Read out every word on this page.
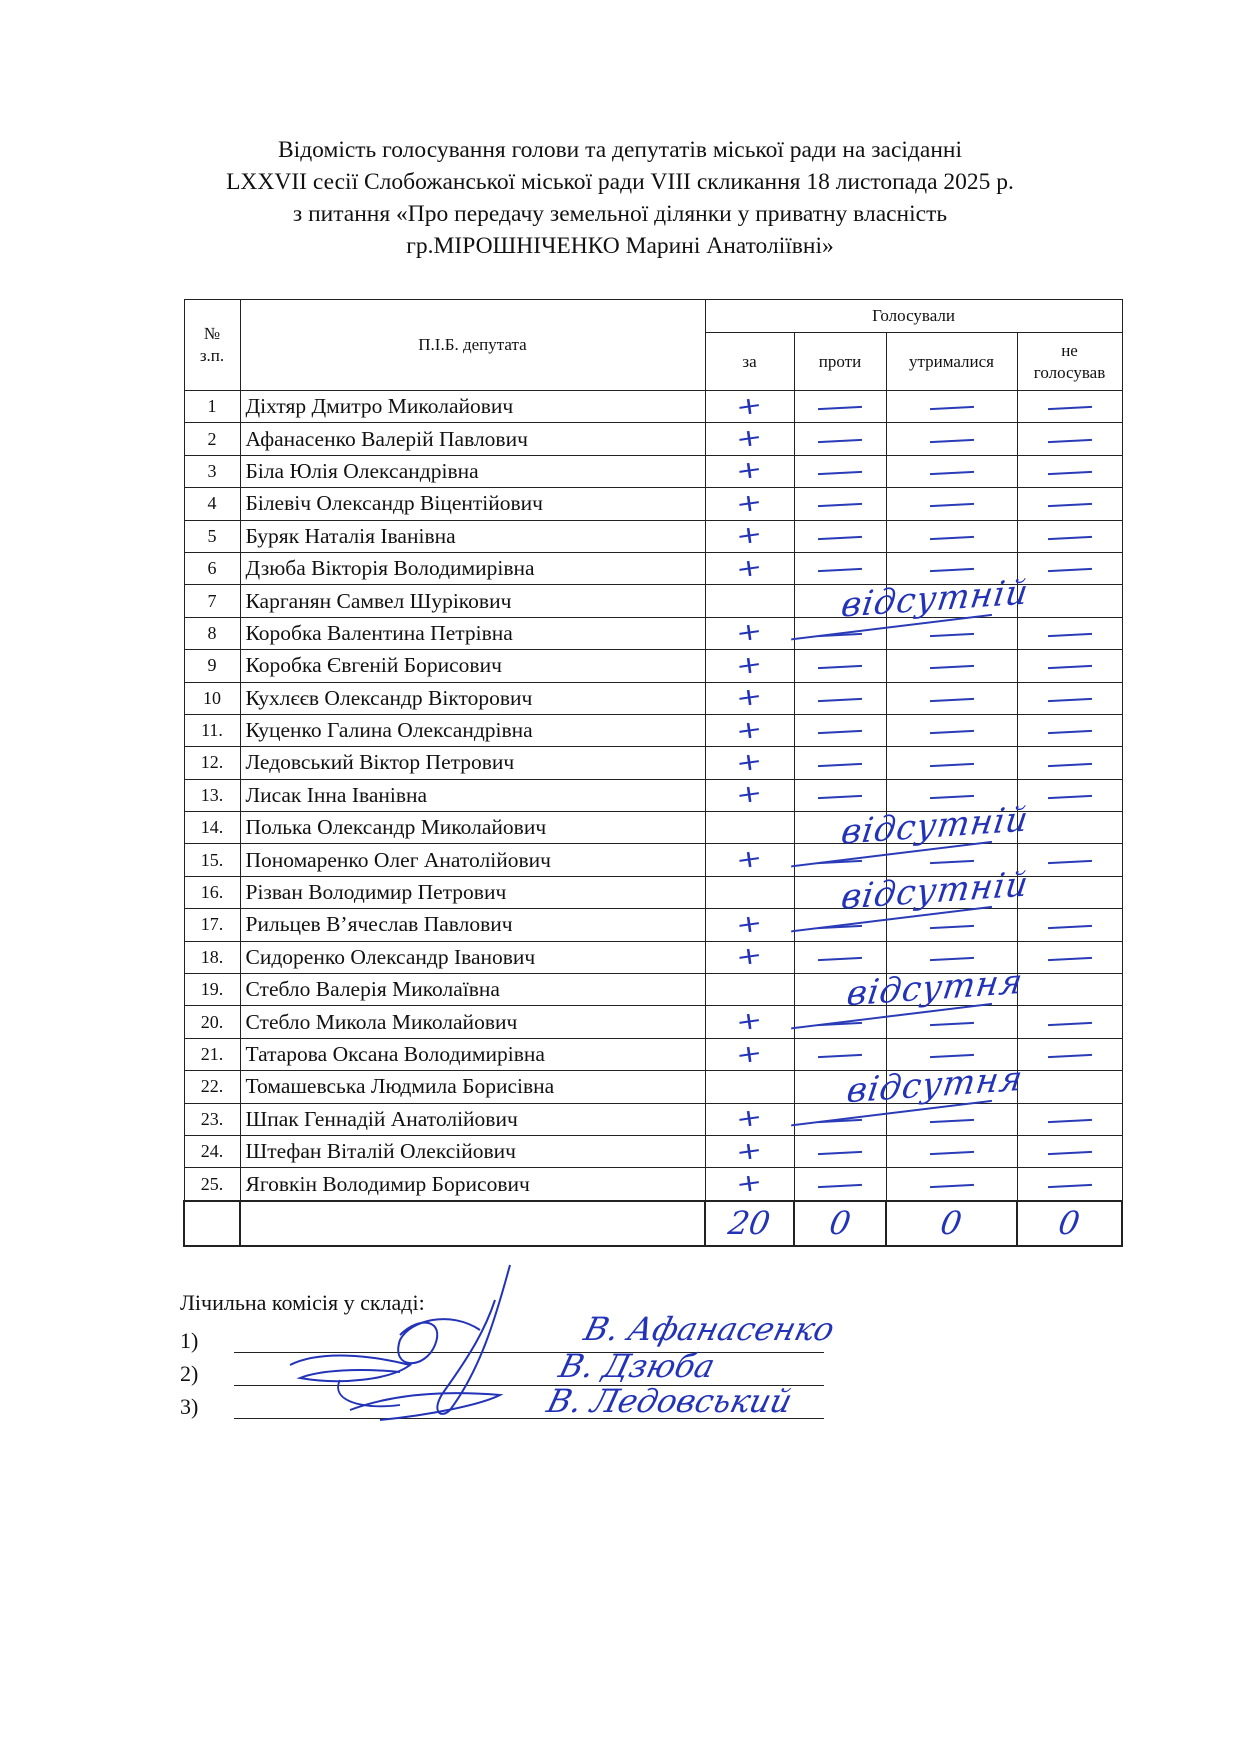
Відомість голосування голови та депутатів міської ради на засіданні
LXXVII сесії Слобожанської міської ради VIII скликання 18 листопада 2025 р.
з питання «Про передачу земельної ділянки у приватну власність
гр.МІРОШНІЧЕНКО Марині Анатоліївні»
№ з.п.	П.І.Б. депутата	Голосували			
		за	проти	утрималися	не голосував
1	Діхтяр Дмитро Миколайович	+			
2	Афанасенко Валерій Павлович	+			
3	Біла Юлія Олександрівна	+			
4	Білевіч Олександр Віцентійович	+			
5	Буряк Наталія Іванівна	+			
6	Дзюба Вікторія Володимирівна	+			
7	Карганян Самвел Шурікович		відсутній		

8	Коробка Валентина Петрівна	+			
9	Коробка Євгеній Борисович	+			
10	Кухлєєв Олександр Вікторович	+			
11.	Куценко Галина Олександрівна	+			
12.	Ледовський Віктор Петрович	+			
13.	Лисак Інна Іванівна	+			
14.	Полька Олександр Миколайович		відсутній		

15.	Пономаренко Олег Анатолійович	+			
16.	Різван Володимир Петрович		відсутній		

17.	Рильцев В’ячеслав Павлович	+			
18.	Сидоренко Олександр Іванович	+			
19.	Стебло Валерія Миколаївна		відсутня		

20.	Стебло Микола Миколайович	+			
21.	Татарова Оксана Володимирівна	+			
22.	Томашевська Людмила Борисівна		відсутня		

23.	Шпак Геннадій Анатолійович	+			
24.	Штефан Віталій Олексійович	+			
25.	Яговкін Володимир Борисович	+			
		20	0	0	0
Лічильна комісія у складі:
1)
2)
3)
В. Афанасенко
В. Дзюба
В. Ледовський
